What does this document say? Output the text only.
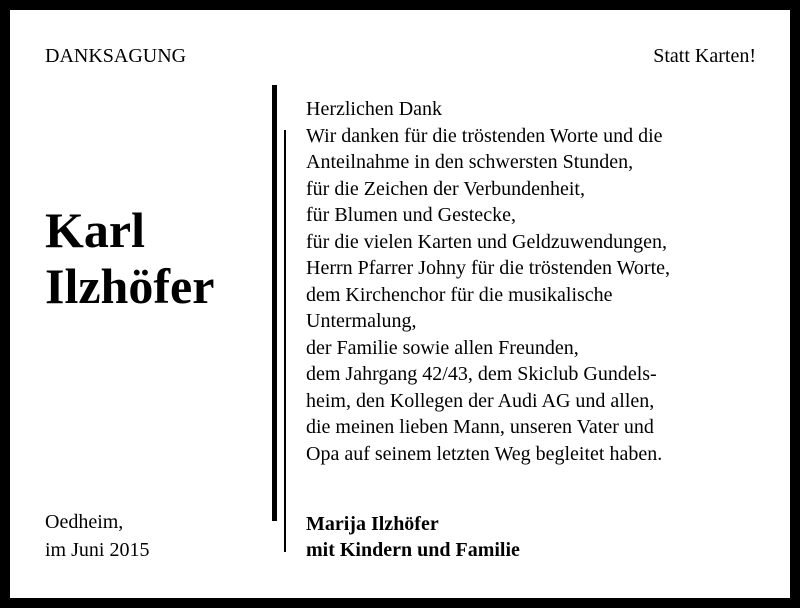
DANKSAGUNG	Statt Karten!
Karl
Ilzhöfer
Oedheim,
im Juni 2015
Herzlichen Dank
Wir danken für die tröstenden Worte und die
Anteilnahme in den schwersten Stunden,
für die Zeichen der Verbundenheit,
für Blumen und Gestecke,
für die vielen Karten und Geldzuwendungen,
Herrn Pfarrer Johny für die tröstenden Worte,
dem Kirchenchor für die musikalische
Untermalung,
der Familie sowie allen Freunden,
dem Jahrgang 42/43, dem Skiclub Gundels-
heim, den Kollegen der Audi AG und allen,
die meinen lieben Mann, unseren Vater und
Opa auf seinem letzten Weg begleitet haben.
Marija Ilzhöfer
mit Kindern und Familie
